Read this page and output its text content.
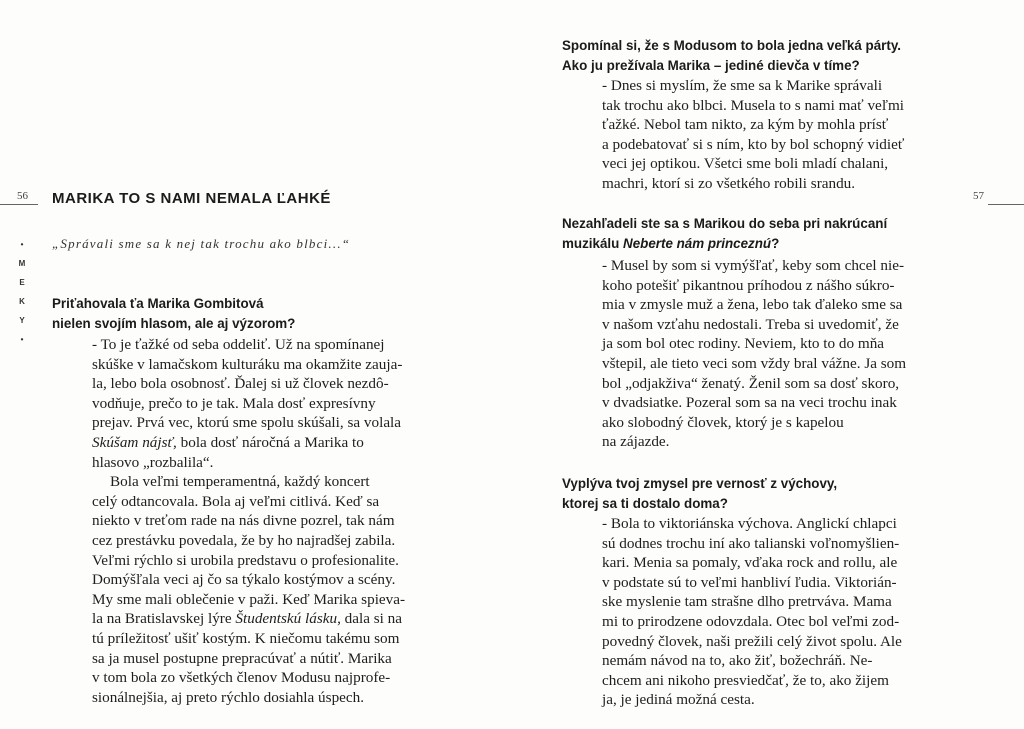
56
•
M
E
K
Y
•
MARIKA TO S NAMI NEMALA ĽAHKÉ

„Správali sme sa k nej tak trochu ako blbci...“

Priťahovala ťa Marika Gombitová

nielen svojím hlasom, ale aj výzorom?

- To je ťažké od seba oddeliť. Už na spomínanej
skúške v lamačskom kulturáku ma okamžite zauja-
la, lebo bola osobnosť. Ďalej si už človek nezdô-
vodňuje, prečo to je tak. Mala dosť expresívny
prejav. Prvá vec, ktorú sme spolu skúšali, sa volala
Skúšam nájsť, bola dosť náročná a Marika to
hlasovo „rozbalila“.
Bola veľmi temperamentná, každý koncert
celý odtancovala. Bola aj veľmi citlivá. Keď sa
niekto v treťom rade na nás divne pozrel, tak nám
cez prestávku povedala, že by ho najradšej zabila.
Veľmi rýchlo si urobila predstavu o profesionalite.
Domýšľala veci aj čo sa týkalo kostýmov a scény.
My sme mali oblečenie v paži. Keď Marika spieva-
la na Bratislavskej lýre Študentskú lásku, dala si na
tú príležitosť ušiť kostým. K niečomu takému som
sa ja musel postupne prepracúvať a nútiť. Marika
v tom bola zo všetkých členov Modusu najprofe-
sionálnejšia, aj preto rýchlo dosiahla úspech.
57

Spomínal si, že s Modusom to bola jedna veľká párty.

Ako ju prežívala Marika – jediné dievča v tíme?

- Dnes si myslím, že sme sa k Marike správali
tak trochu ako blbci. Musela to s nami mať veľmi
ťažké. Nebol tam nikto, za kým by mohla prísť
a podebatovať si s ním, kto by bol schopný vidieť
veci jej optikou. Všetci sme boli mladí chalani,
machri, ktorí si zo všetkého robili srandu.

Nezahľadeli ste sa s Marikou do seba pri nakrúcaní

muzikálu Neberte nám princeznú?

- Musel by som si vymýšľať, keby som chcel nie-
koho potešiť pikantnou príhodou z nášho súkro-
mia v zmysle muž a žena, lebo tak ďaleko sme sa
v našom vzťahu nedostali. Treba si uvedomiť, že
ja som bol otec rodiny. Neviem, kto to do mňa
vštepil, ale tieto veci som vždy bral vážne. Ja som
bol „odjakživa“ ženatý. Ženil som sa dosť skoro,
v dvadsiatke. Pozeral som sa na veci trochu inak
ako slobodný človek, ktorý je s kapelou
na zájazde.

Vyplýva tvoj zmysel pre vernosť z výchovy,

ktorej sa ti dostalo doma?

- Bola to viktoriánska výchova. Anglickí chlapci
sú dodnes trochu iní ako talianski voľnomyšlien-
kari. Menia sa pomaly, vďaka rock and rollu, ale
v podstate sú to veľmi hanbliví ľudia. Viktorián-
ske myslenie tam strašne dlho pretrváva. Mama
mi to prirodzene odovzdala. Otec bol veľmi zod-
povedný človek, naši prežili celý život spolu. Ale
nemám návod na to, ako žiť, božechráň. Ne-
chcem ani nikoho presviedčať, že to, ako žijem
ja, je jediná možná cesta.
